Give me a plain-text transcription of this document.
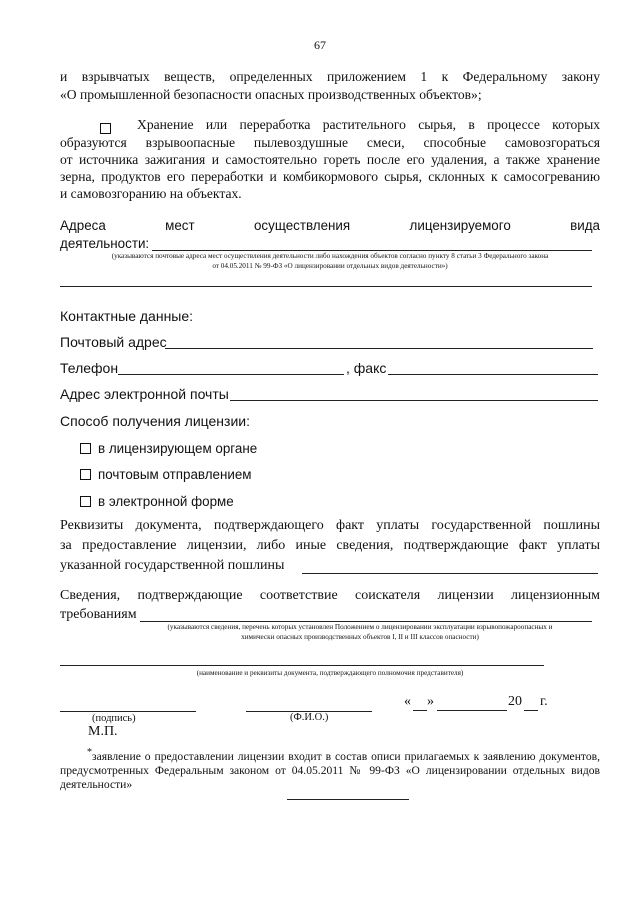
67
и взрывчатых веществ, определенных приложением 1 к Федеральному закону
«О промышленной безопасности опасных производственных объектов»;
Хранение или переработка растительного сырья, в процессе которых
образуются взрывоопасные пылевоздушные смеси, способные самовозгораться
от источника зажигания и самостоятельно гореть после его удаления, а также хранение
зерна, продуктов его переработки и комбикормового сырья, склонных к самосогреванию
и самовозгоранию на объектах.
Адреса мест осуществления лицензируемого вида
деятельности:
(указываются почтовые адреса мест осуществления деятельности либо нахождения объектов согласно пункту 8 статьи 3 Федерального закона
от 04.05.2011 № 99-ФЗ «О лицензировании отдельных видов деятельности»)
Контактные данные:
Почтовый адрес
Телефон	, факс
Адрес электронной почты
Способ получения лицензии:
в лицензирующем органе
почтовым отправлением
в электронной форме
Реквизиты документа, подтверждающего факт уплаты государственной пошлины
за предоставление лицензии, либо иные сведения, подтверждающие факт уплаты
указанной государственной пошлины
Сведения, подтверждающие соответствие соискателя лицензии лицензионным
требованиям
(указываются сведения, перечень которых установлен Положением о лицензировании эксплуатации взрывопожароопасных и
химически опасных производственных объектов I, II и III классов опасности)
(наименование и реквизиты документа, подтверждающего полномочия представителя)
« »	20 г.
(подпись)	(Ф.И.О.)
М.П.
* заявление о предоставлении лицензии входит в состав описи прилагаемых к заявлению документов,
предусмотренных Федеральным законом от 04.05.2011 № 99-ФЗ «О лицензировании отдельных видов
деятельности»
